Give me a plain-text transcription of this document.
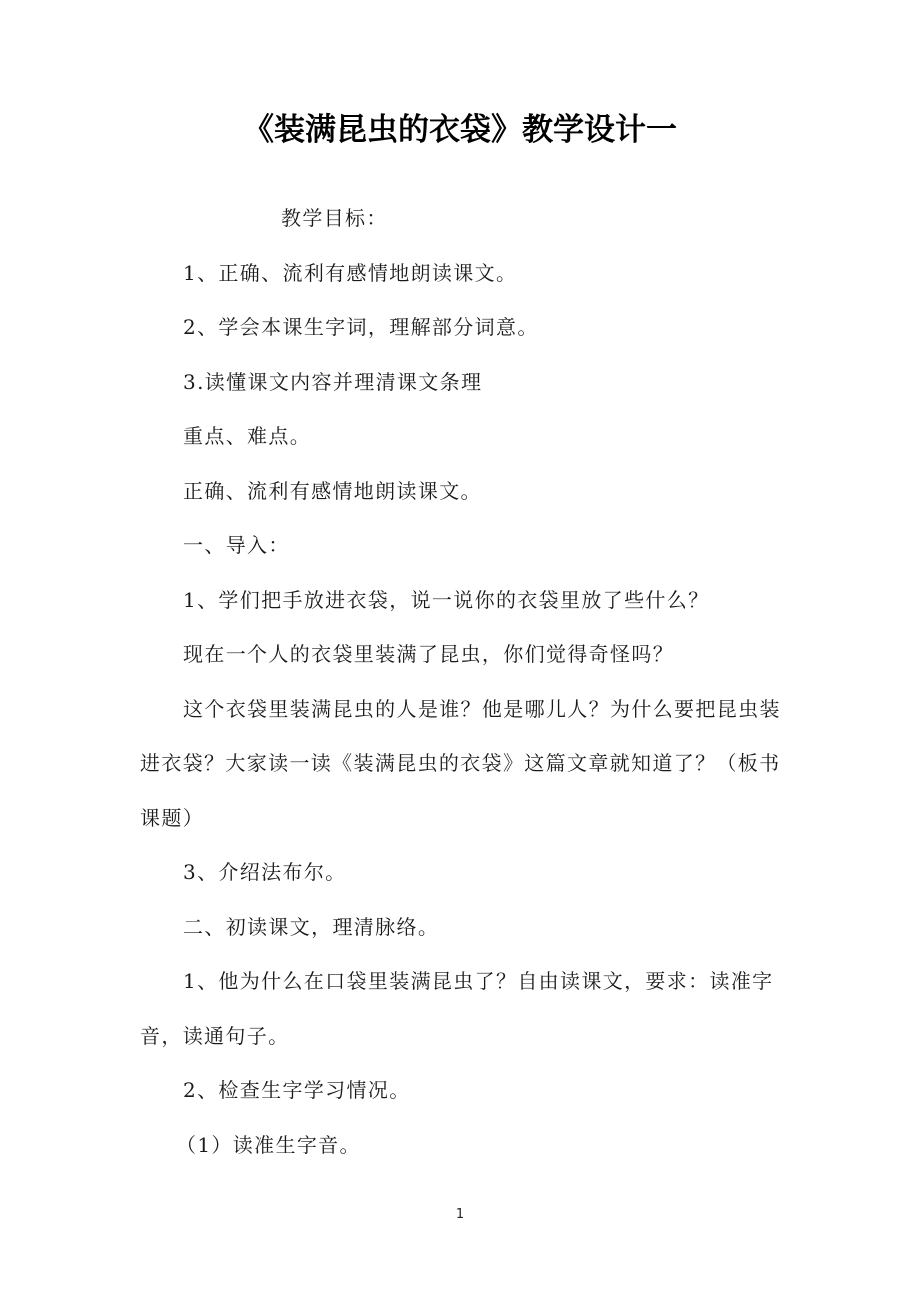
《装满昆虫的衣袋》教学设计一

教学目标：

1、正确、流利有感情地朗读课文。

2、学会本课生字词，理解部分词意。

3.读懂课文内容并理清课文条理

重点、难点。

正确、流利有感情地朗读课文。

一、导入：

1、学们把手放进衣袋，说一说你的衣袋里放了些什么？

现在一个人的衣袋里装满了昆虫，你们觉得奇怪吗？

这个衣袋里装满昆虫的人是谁？他是哪儿人？为什么要把昆虫装进衣袋？大家读一读《装满昆虫的衣袋》这篇文章就知道了？（板书课题）

3、介绍法布尔。

二、初读课文，理清脉络。

1、他为什么在口袋里装满昆虫了？自由读课文，要求：读准字音，读通句子。

2、检查生字学习情况。

（1）读准生字音。

1
